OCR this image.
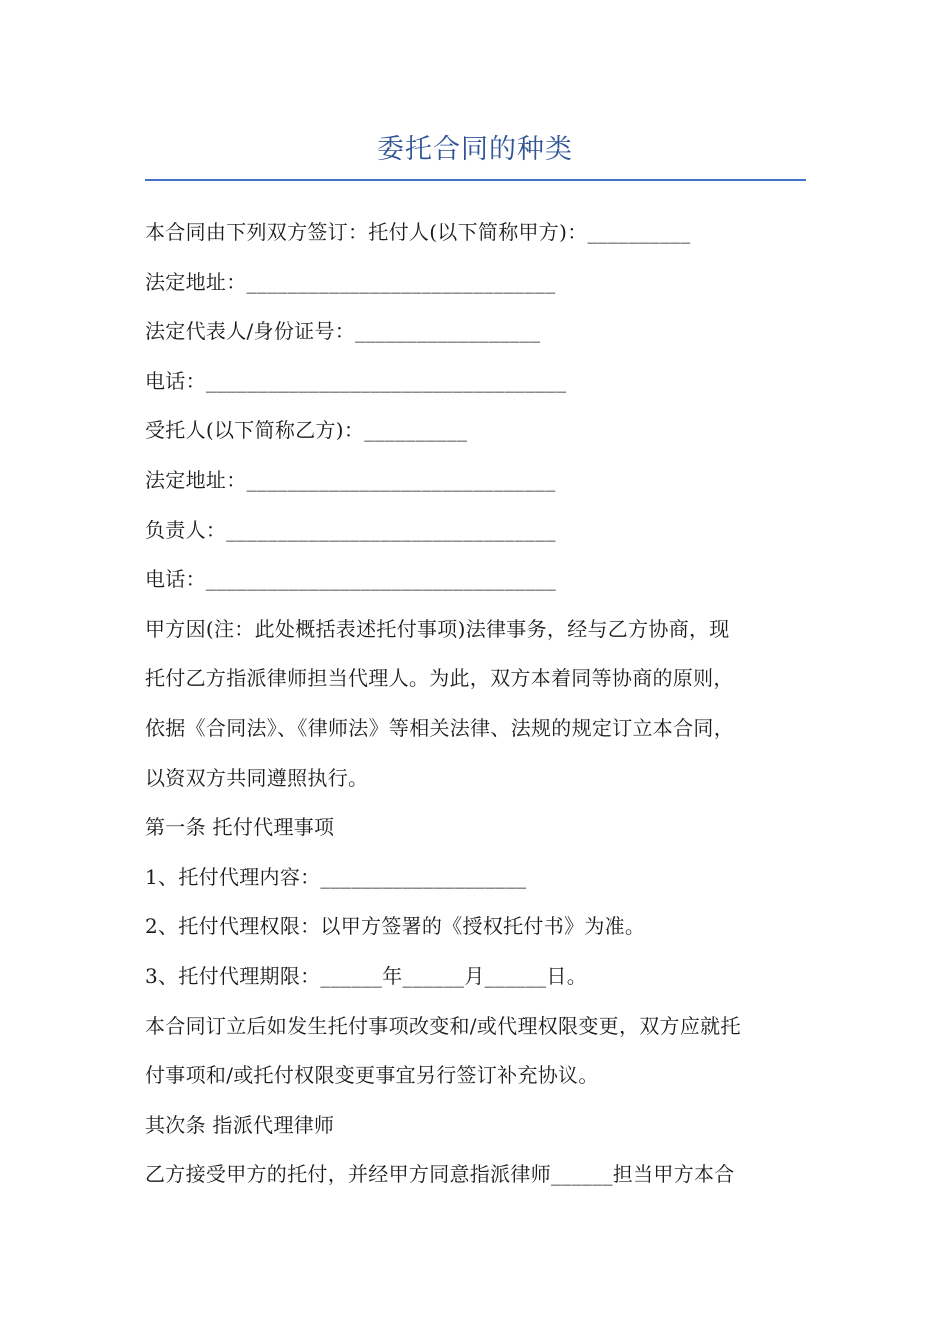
委托合同的种类
本合同由下列双方签订：托付人(以下简称甲方)：__________
法定地址：______________________________
法定代表人/身份证号：__________________
电话：___________________________________
受托人(以下简称乙方)：__________
法定地址：______________________________
负责人：________________________________
电话：__________________________________
甲方因(注：此处概括表述托付事项)法律事务，经与乙方协商，现
托付乙方指派律师担当代理人。为此，双方本着同等协商的原则，
依据《合同法》、《律师法》等相关法律、法规的规定订立本合同，
以资双方共同遵照执行。
第一条 托付代理事项
1、托付代理内容：____________________
2、托付代理权限：以甲方签署的《授权托付书》为准。
3、托付代理期限：______年______月______日。
本合同订立后如发生托付事项改变和/或代理权限变更，双方应就托
付事项和/或托付权限变更事宜另行签订补充协议。
其次条 指派代理律师
乙方接受甲方的托付，并经甲方同意指派律师______担当甲方本合
